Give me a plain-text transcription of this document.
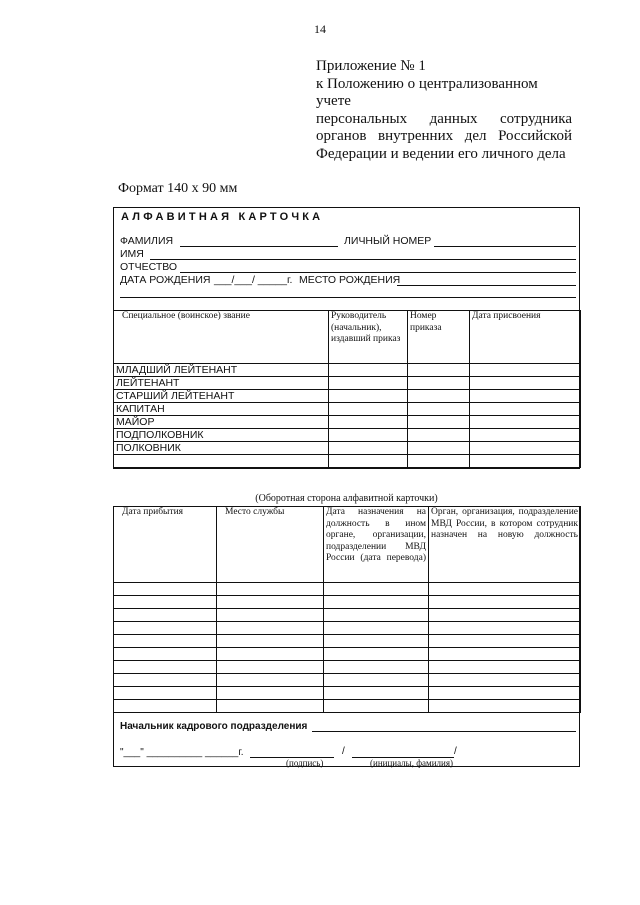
14
Приложение № 1
к Положению о централизованном учете
персональных данных сотрудника
органов внутренних дел Российской
Федерации и ведении его личного дела
Формат 140 х 90 мм
АЛФАВИТНАЯ КАРТОЧКА
ФАМИЛИЯ	ЛИЧНЫЙ НОМЕР
ИМЯ
ОТЧЕСТВО
ДАТА РОЖДЕНИЯ ___/___/ _____г. МЕСТО РОЖДЕНИЯ
Специальное (воинское) звание	Руководитель (начальник), издавший приказ	Номер приказа	Дата присвоения
МЛАДШИЙ ЛЕЙТЕНАНТ			
ЛЕЙТЕНАНТ			
СТАРШИЙ ЛЕЙТЕНАНТ			
КАПИТАН			
МАЙОР			
ПОДПОЛКОВНИК			
ПОЛКОВНИК			

(Оборотная сторона алфавитной карточки)
Дата прибытия	Место службы	Дата назначения на должность в ином органе, организации, подразделении МВД России (дата перевода)	Орган, организация, подразделение МВД России, в котором сотрудник назначен на новую должность

Начальник кадрового подразделения
"___" __________ ______г.	/	/
(подпись)	(инициалы, фамилия)
